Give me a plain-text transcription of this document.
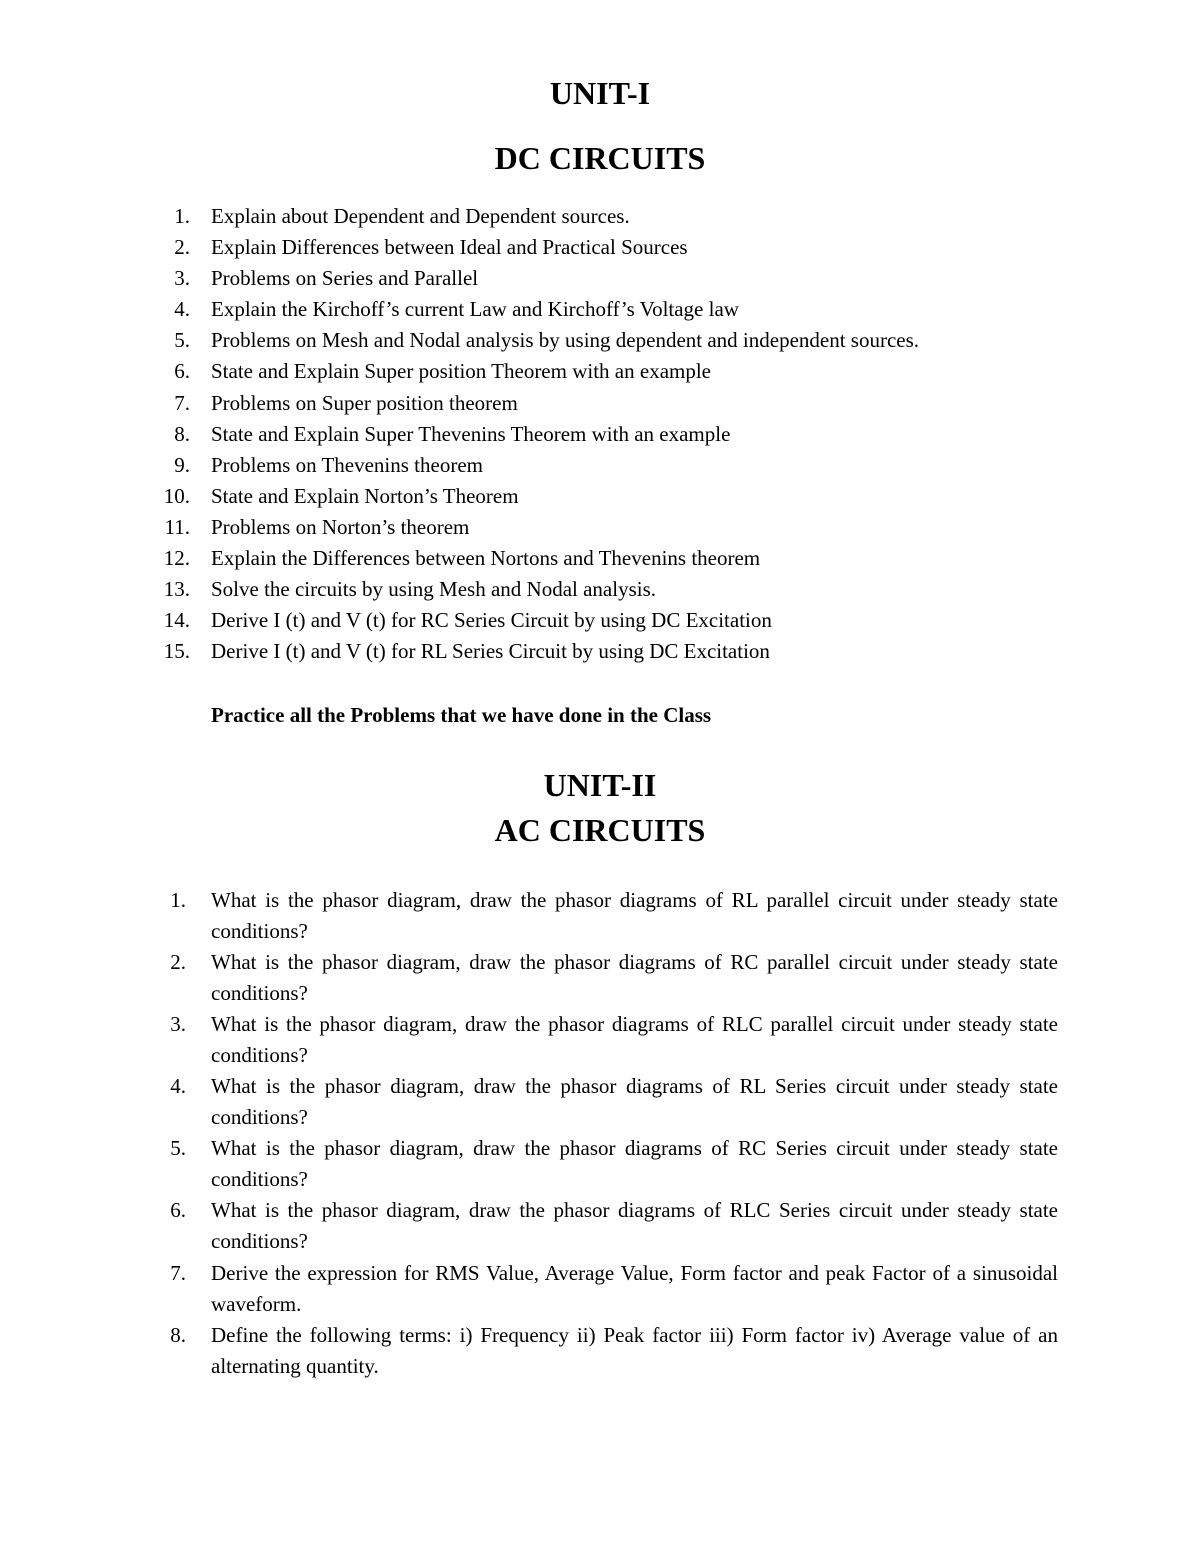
UNIT-I
DC CIRCUITS
1. Explain about Dependent and Dependent sources.
2. Explain Differences between Ideal and Practical Sources
3. Problems on Series and Parallel
4. Explain the Kirchoff’s current Law and Kirchoff’s Voltage law
5. Problems on Mesh and Nodal analysis by using dependent and independent sources.
6. State and Explain Super position Theorem with an example
7. Problems on Super position theorem
8. State and Explain Super Thevenins Theorem with an example
9. Problems on Thevenins theorem
10. State and Explain Norton’s Theorem
11. Problems on Norton’s theorem
12. Explain the Differences between Nortons and Thevenins theorem
13. Solve the circuits by using Mesh and Nodal analysis.
14. Derive I (t) and V (t) for RC Series Circuit by using DC Excitation
15. Derive I (t) and V (t) for RL Series Circuit by using DC Excitation

Practice all the Problems that we have done in the Class

UNIT-II
AC CIRCUITS
1. What is the phasor diagram, draw the phasor diagrams of RL parallel circuit under steady state conditions?
2. What is the phasor diagram, draw the phasor diagrams of RC parallel circuit under steady state conditions?
3. What is the phasor diagram, draw the phasor diagrams of RLC parallel circuit under steady state conditions?
4. What is the phasor diagram, draw the phasor diagrams of RL Series circuit under steady state conditions?
5. What is the phasor diagram, draw the phasor diagrams of RC Series circuit under steady state conditions?
6. What is the phasor diagram, draw the phasor diagrams of RLC Series circuit under steady state conditions?
7. Derive the expression for RMS Value, Average Value, Form factor and peak Factor of a sinusoidal waveform.
8. Define the following terms: i) Frequency ii) Peak factor iii) Form factor iv) Average value of an alternating quantity.
